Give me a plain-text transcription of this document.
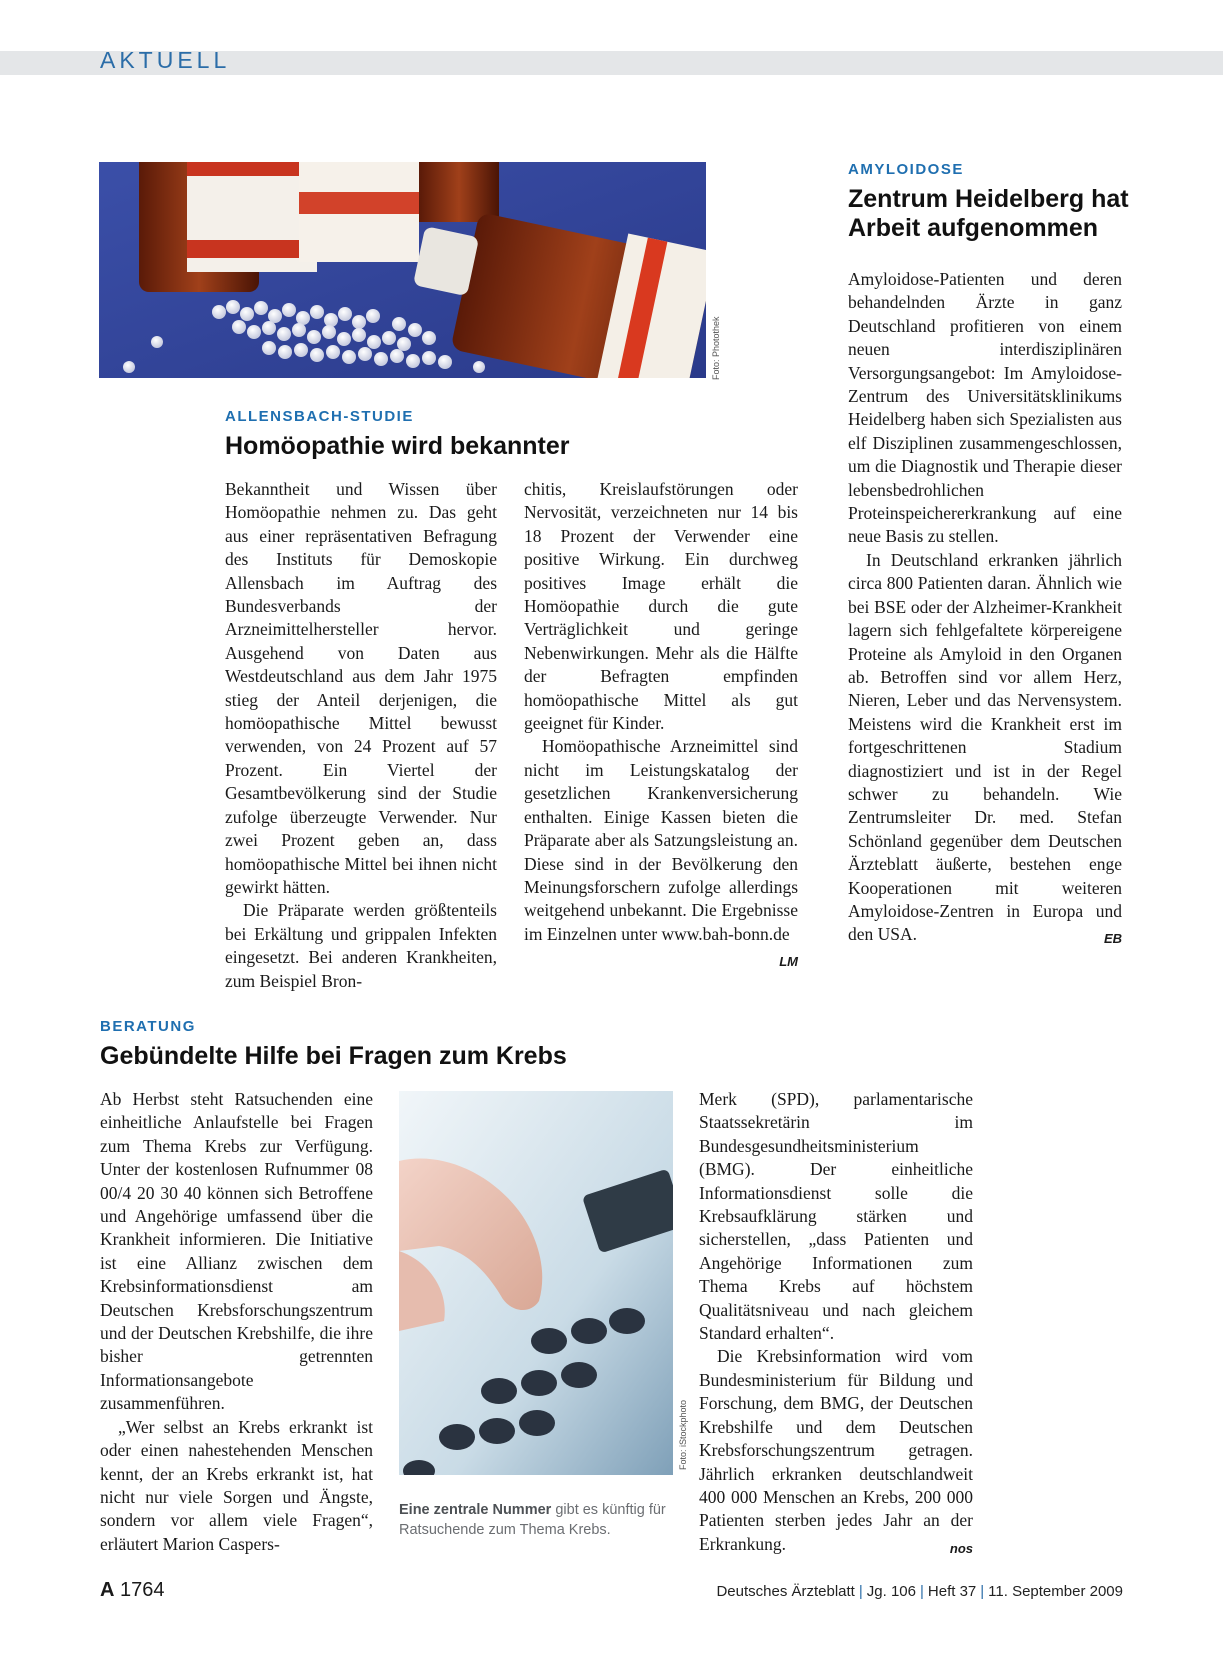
AKTUELL
Foto: Photothek
ALLENSBACH-STUDIE
Homöopathie wird bekannter

Bekanntheit und Wissen über Homöopathie nehmen zu. Das geht aus einer repräsentativen Befragung des Instituts für Demoskopie Allensbach im Auftrag des Bundesverbands der Arzneimittelhersteller hervor. Ausgehend von Daten aus Westdeutschland aus dem Jahr 1975 stieg der Anteil derjenigen, die homöopathische Mittel bewusst verwenden, von 24 Prozent auf 57 Prozent. Ein Viertel der Gesamtbevölkerung sind der Studie zufolge überzeugte Verwender. Nur zwei Prozent geben an, dass homöopathische Mittel bei ihnen nicht gewirkt hätten.

Die Präparate werden größtenteils bei Erkältung und grippalen Infekten eingesetzt. Bei anderen Krankheiten, zum Beispiel Bron-

chitis, Kreislaufstörungen oder Nervosität, verzeichneten nur 14 bis 18 Prozent der Verwender eine positive Wirkung. Ein durchweg positives Image erhält die Homöopathie durch die gute Verträglichkeit und geringe Nebenwirkungen. Mehr als die Hälfte der Befragten empfinden homöopathische Mittel als gut geeignet für Kinder.

Homöopathische Arzneimittel sind nicht im Leistungskatalog der gesetzlichen Krankenversicherung enthalten. Einige Kassen bieten die Präparate aber als Satzungsleistung an. Diese sind in der Bevölkerung den Meinungsforschern zufolge allerdings weitgehend unbekannt. Die Ergebnisse im Einzelnen unter www.bah-bonn.de
LM

AMYLOIDOSE
Zentrum Heidelberg hat
Arbeit aufgenommen

Amyloidose-Patienten und deren behandelnden Ärzte in ganz Deutschland profitieren von einem neuen interdisziplinären Versorgungsangebot: Im Amyloidose-Zentrum des Universitätsklinikums Heidelberg haben sich Spezialisten aus elf Disziplinen zusammengeschlossen, um die Diagnostik und Therapie dieser lebensbedrohlichen Proteinspeichererkrankung auf eine neue Basis zu stellen.

In Deutschland erkranken jährlich circa 800 Patienten daran. Ähnlich wie bei BSE oder der Alzheimer-Krankheit lagern sich fehlgefaltete körpereigene Proteine als Amyloid in den Organen ab. Betroffen sind vor allem Herz, Nieren, Leber und das Nervensystem. Meistens wird die Krankheit erst im fortgeschrittenen Stadium diagnostiziert und ist in der Regel schwer zu behandeln. Wie Zentrumsleiter Dr. med. Stefan Schönland gegenüber dem Deutschen Ärzteblatt äußerte, bestehen enge Kooperationen mit weiteren Amyloidose-Zentren in Europa und den USA.	EB

BERATUNG
Gebündelte Hilfe bei Fragen zum Krebs

Ab Herbst steht Ratsuchenden eine einheitliche Anlaufstelle bei Fragen zum Thema Krebs zur Verfügung. Unter der kostenlosen Rufnummer 08 00/4 20 30 40 können sich Betroffene und Angehörige umfassend über die Krankheit informieren. Die Initiative ist eine Allianz zwischen dem Krebsinformationsdienst am Deutschen Krebsforschungszentrum und der Deutschen Krebshilfe, die ihre bisher getrennten Informationsangebote zusammenführen.

„Wer selbst an Krebs erkrankt ist oder einen nahestehenden Menschen kennt, der an Krebs erkrankt ist, hat nicht nur viele Sorgen und Ängste, sondern vor allem viele Fragen“, erläutert Marion Caspers-

Foto: iStockphoto
Eine zentrale Nummer gibt es künftig für Ratsuchende zum Thema Krebs.

Merk (SPD), parlamentarische Staatssekretärin im Bundesgesundheitsministerium (BMG). Der einheitliche Informationsdienst solle die Krebsaufklärung stärken und sicherstellen, „dass Patienten und Angehörige Informationen zum Thema Krebs auf höchstem Qualitätsniveau und nach gleichem Standard erhalten“.

Die Krebsinformation wird vom Bundesministerium für Bildung und Forschung, dem BMG, der Deutschen Krebshilfe und dem Deutschen Krebsforschungszentrum getragen. Jährlich erkranken deutschlandweit 400 000 Menschen an Krebs, 200 000 Patienten sterben jedes Jahr an der Erkrankung.	nos

A 1764	Deutsches Ärzteblatt | Jg. 106 | Heft 37 | 11. September 2009
